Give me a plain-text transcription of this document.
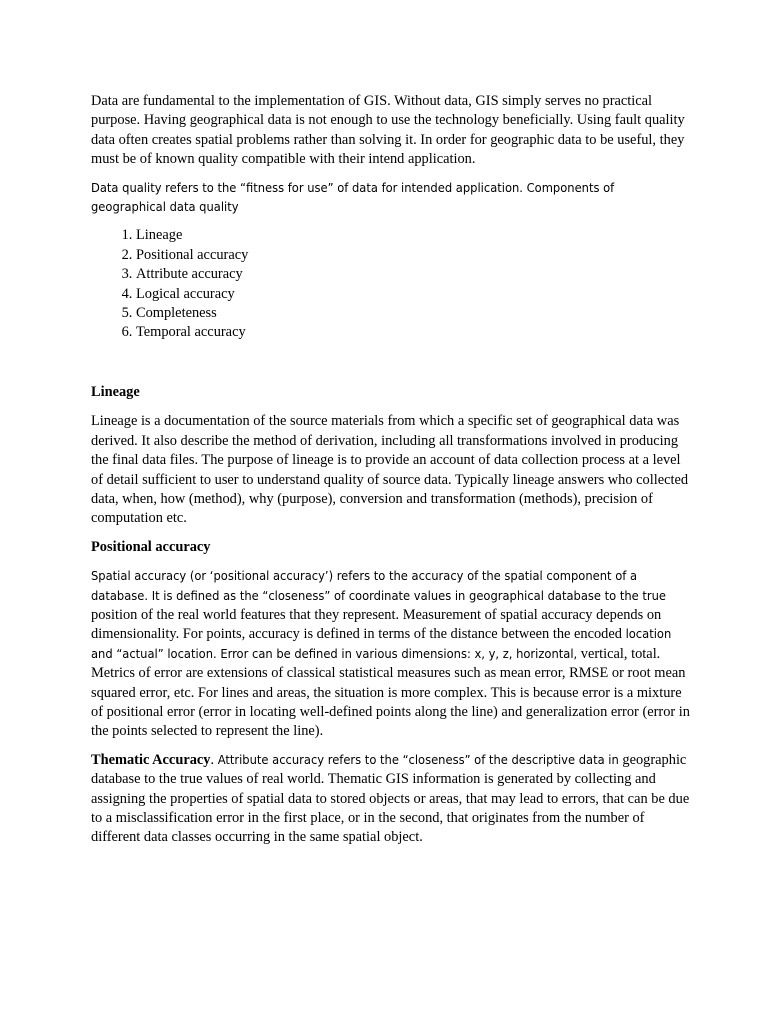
Data are fundamental to the implementation of GIS. Without data, GIS simply serves no practical purpose. Having geographical data is not enough to use the technology beneficially. Using fault quality data often creates spatial problems rather than solving it. In order for geographic data to be useful, they must be of known quality compatible with their intend application.

Data quality refers to the “fitness for use” of data for intended application. Components of geographical data quality

1. Lineage
2. Positional accuracy
3. Attribute accuracy
4. Logical accuracy
5. Completeness
6. Temporal accuracy
Lineage

Lineage is a documentation of the source materials from which a specific set of geographical data was derived. It also describe the method of derivation, including all transformations involved in producing the final data files. The purpose of lineage is to provide an account of data collection process at a level of detail sufficient to user to understand quality of source data. Typically lineage answers who collected data, when, how (method), why (purpose), conversion and transformation (methods), precision of computation etc.

Positional accuracy

Spatial accuracy (or ‘positional accuracy’) refers to the accuracy of the spatial component of a database. It is defined as the “closeness” of coordinate values in geographical database to the true position of the real world features that they represent. Measurement of spatial accuracy depends on dimensionality. For points, accuracy is defined in terms of the distance between the encoded location and “actual” location. Error can be defined in various dimensions: x, y, z, horizontal, vertical, total. Metrics of error are extensions of classical statistical measures such as mean error, RMSE or root mean squared error, etc. For lines and areas, the situation is more complex. This is because error is a mixture of positional error (error in locating well-defined points along the line) and generalization error (error in the points selected to represent the line).

Thematic Accuracy. Attribute accuracy refers to the “closeness” of the descriptive data in geographic database to the true values of real world. Thematic GIS information is generated by collecting and assigning the properties of spatial data to stored objects or areas, that may lead to errors, that can be due to a misclassification error in the first place, or in the second, that originates from the number of different data classes occurring in the same spatial object.
